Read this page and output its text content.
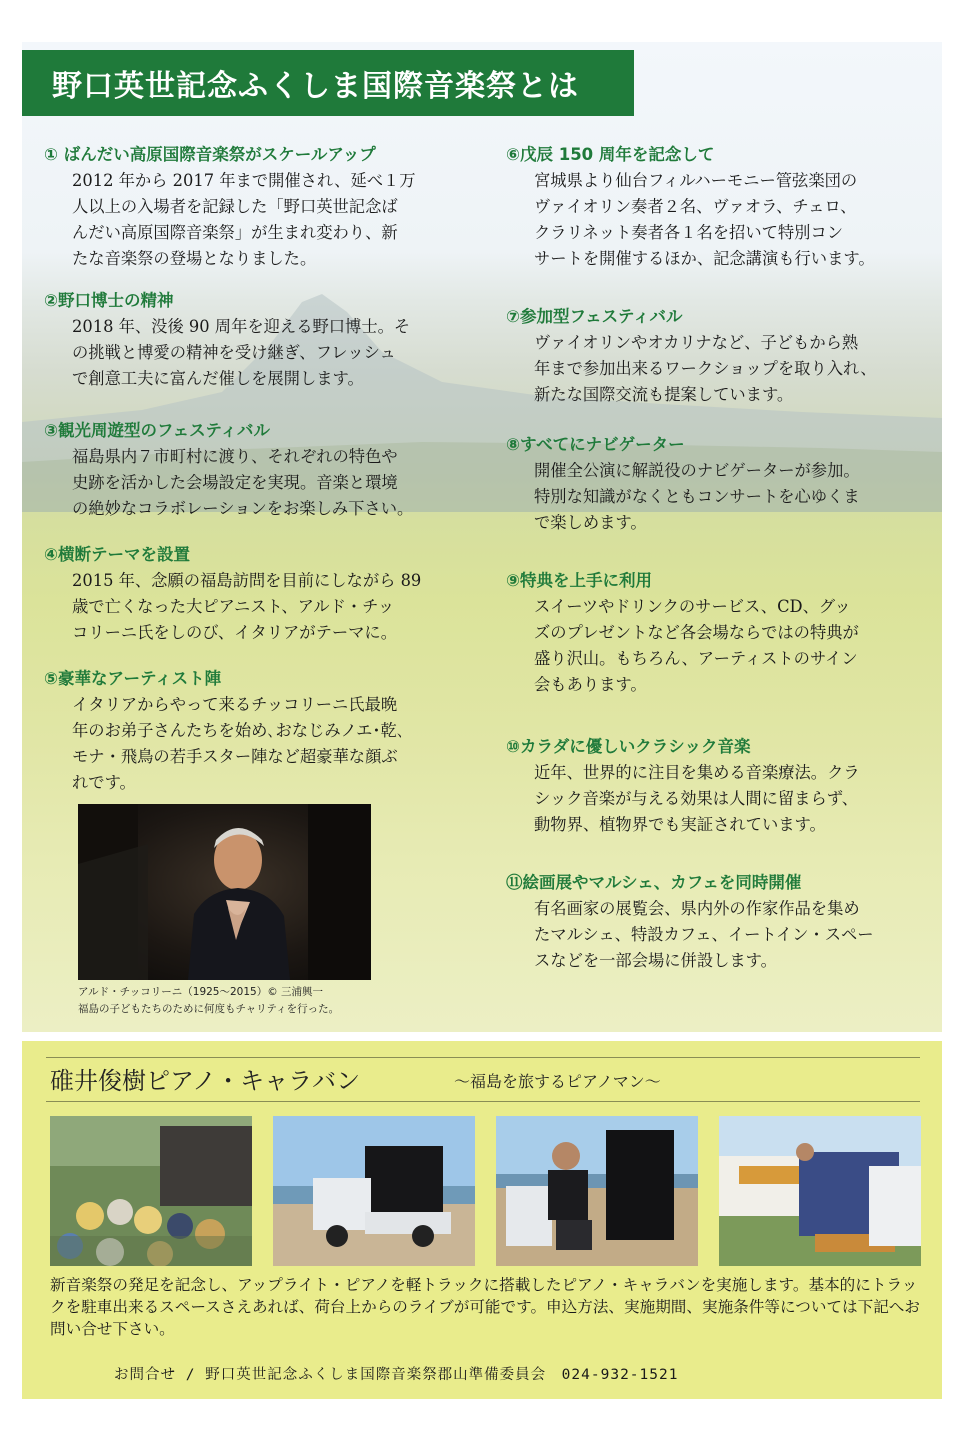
野口英世記念ふくしま国際音楽祭とは
① ばんだい高原国際音楽祭がスケールアップ

2012 年から 2017 年まで開催され、延べ１万
人以上の入場者を記録した「野口英世記念ば
んだい高原国際音楽祭」が生まれ変わり、新
たな音楽祭の登場となりました。

②野口博士の精神

2018 年、没後 90 周年を迎える野口博士。そ
の挑戦と博愛の精神を受け継ぎ、フレッシュ
で創意工夫に富んだ催しを展開します。

③観光周遊型のフェスティバル

福島県内７市町村に渡り、それぞれの特色や
史跡を活かした会場設定を実現。音楽と環境
の絶妙なコラボレーションをお楽しみ下さい。

④横断テーマを設置

2015 年、念願の福島訪問を目前にしながら 89
歳で亡くなった大ピアニスト、アルド・チッ
コリーニ氏をしのび、イタリアがテーマに。

⑤豪華なアーティスト陣

イタリアからやって来るチッコリーニ氏最晩
年のお弟子さんたちを始め､おなじみノエ･乾､
モナ・飛鳥の若手スター陣など超豪華な顔ぶ
れです。

⑥戊辰 150 周年を記念して

宮城県より仙台フィルハーモニー管弦楽団の
ヴァイオリン奏者２名、ヴァオラ、チェロ、
クラリネット奏者各１名を招いて特別コン
サートを開催するほか、記念講演も行います。

⑦参加型フェスティバル

ヴァイオリンやオカリナなど、子どもから熟
年まで参加出来るワークショップを取り入れ、
新たな国際交流も提案しています。

⑧すべてにナビゲーター

開催全公演に解説役のナビゲーターが参加。
特別な知識がなくともコンサートを心ゆくま
で楽しめます。

⑨特典を上手に利用

スイーツやドリンクのサービス、CD、グッ
ズのプレゼントなど各会場ならではの特典が
盛り沢山。もちろん、アーティストのサイン
会もあります。

⑩カラダに優しいクラシック音楽

近年、世界的に注目を集める音楽療法。クラ
シック音楽が与える効果は人間に留まらず、
動物界、植物界でも実証されています。

⑪絵画展やマルシェ、カフェを同時開催

有名画家の展覧会、県内外の作家作品を集め
たマルシェ、特設カフェ、イートイン・スペー
スなどを一部会場に併設します。

アルド・チッコリーニ（1925〜2015）© 三浦興一
福島の子どもたちのために何度もチャリティを行った。
碓井俊樹ピアノ・キャラバン	〜福島を旅するピアノマン〜
新音楽祭の発足を記念し、アップライト・ピアノを軽トラックに搭載したピアノ・キャラバンを実施します。基本的にトラックを駐車出来るスペースさえあれば、荷台上からのライブが可能です。申込方法、実施期間、実施条件等については下記へお問い合せ下さい。
お問合せ / 野口英世記念ふくしま国際音楽祭郡山準備委員会　024-932-1521
